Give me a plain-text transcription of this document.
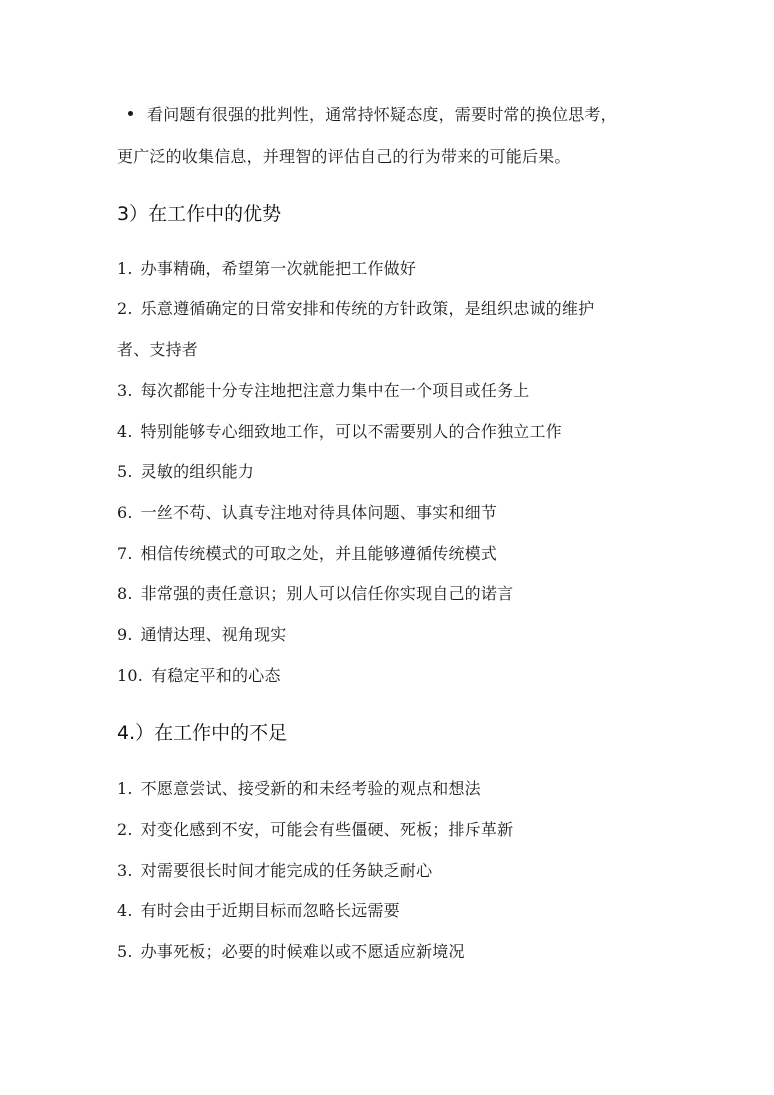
看问题有很强的批判性，通常持怀疑态度，需要时常的换位思考，
更广泛的收集信息，并理智的评估自己的行为带来的可能后果。
3）在工作中的优势
1. 办事精确，希望第一次就能把工作做好
2. 乐意遵循确定的日常安排和传统的方针政策，是组织忠诚的维护
者、支持者
3. 每次都能十分专注地把注意力集中在一个项目或任务上
4. 特别能够专心细致地工作，可以不需要别人的合作独立工作
5. 灵敏的组织能力
6. 一丝不苟、认真专注地对待具体问题、事实和细节
7. 相信传统模式的可取之处，并且能够遵循传统模式
8. 非常强的责任意识；别人可以信任你实现自己的诺言
9. 通情达理、视角现实
10. 有稳定平和的心态
4.）在工作中的不足
1. 不愿意尝试、接受新的和未经考验的观点和想法
2. 对变化感到不安，可能会有些僵硬、死板；排斥革新
3. 对需要很长时间才能完成的任务缺乏耐心
4. 有时会由于近期目标而忽略长远需要
5. 办事死板；必要的时候难以或不愿适应新境况
